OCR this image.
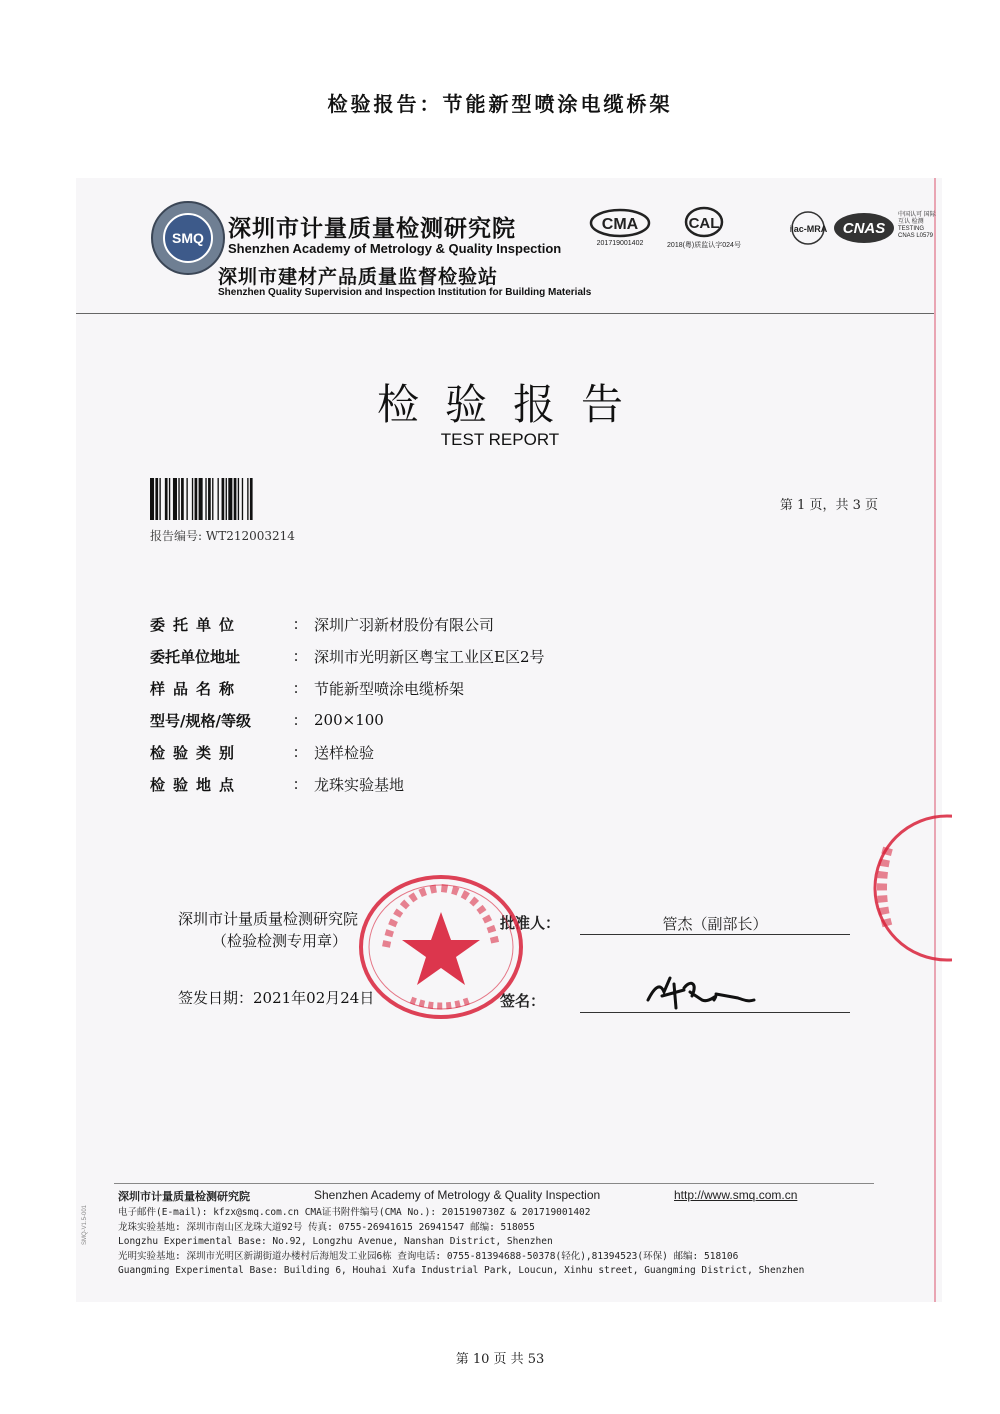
检验报告：节能新型喷涂电缆桥架
SMQ 深圳市计量质量检测研究院
Shenzhen Academy of Metrology & Quality Inspection
深圳市建材产品质量监督检验站
Shenzhen Quality Supervision and Inspection Institution for Building Materials
CMA
201719001402
CAL
2018(粤)质监认字024号
ilac-MRA CNAS
中国认可 国际互认 检测 TESTING CNAS L0579
检验报告
TEST REPORT
报告编号: WT212003214
第 1 页，共 3 页
委托单位	:	深圳广羽新材股份有限公司
委托单位地址	:	深圳市光明新区粤宝工业区E区2号
样品名称	:	节能新型喷涂电缆桥架
型号/规格/等级	:	200×100
检验类别	:	送样检验
检验地点	:	龙珠实验基地
深圳市计量质量检测研究院
（检验检测专用章）
批准人：	管杰（副部长）
签发日期：2021年02月24日	签名：
深圳市计量质量检测研究院	Shenzhen Academy of Metrology & Quality Inspection	http://www.smq.com.cn
电子邮件(E-mail): kfzx@smq.com.cn CMA证书附件编号(CMA No.): 2015190730Z & 201719001402
龙珠实验基地: 深圳市南山区龙珠大道92号 传真: 0755-26941615 26941547 邮编: 518055
Longzhu Experimental Base: No.92, Longzhu Avenue, Nanshan District, Shenzhen
光明实验基地: 深圳市光明区新湖街道办楼村后海旭发工业园6栋 查询电话: 0755-81394688-50378(轻化),81394523(环保) 邮编: 518106
Guangming Experimental Base: Building 6, Houhai Xufa Industrial Park, Loucun, Xinhu street, Guangming District, Shenzhen
SMQ-V1.5-001
第 10 页 共 53
